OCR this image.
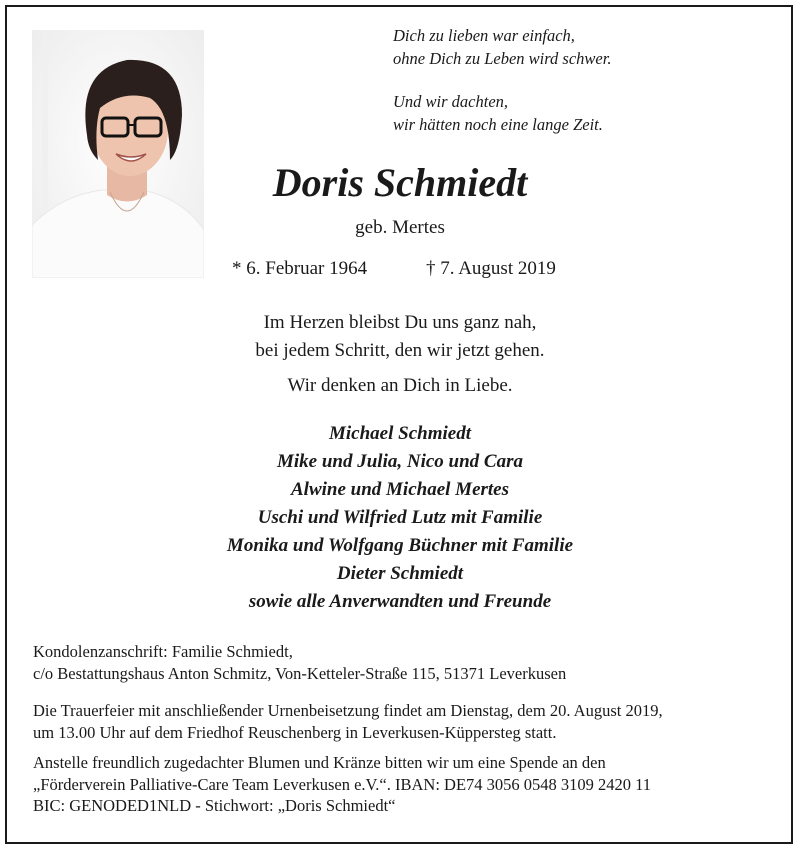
Dich zu lieben war einfach,
ohne Dich zu Leben wird schwer.
Und wir dachten,
wir hätten noch eine lange Zeit.
Doris Schmiedt
geb. Mertes
* 6. Februar 1964	† 7. August 2019
Im Herzen bleibst Du uns ganz nah,
bei jedem Schritt, den wir jetzt gehen.
Wir denken an Dich in Liebe.
Michael Schmiedt
Mike und Julia, Nico und Cara
Alwine und Michael Mertes
Uschi und Wilfried Lutz mit Familie
Monika und Wolfgang Büchner mit Familie
Dieter Schmiedt
sowie alle Anverwandten und Freunde
Kondolenzanschrift: Familie Schmiedt,
c/o Bestattungshaus Anton Schmitz, Von-Ketteler-Straße 115, 51371 Leverkusen
Die Trauerfeier mit anschließender Urnenbeisetzung findet am Dienstag, dem 20. August 2019,
um 13.00 Uhr auf dem Friedhof Reuschenberg in Leverkusen-Küppersteg statt.
Anstelle freundlich zugedachter Blumen und Kränze bitten wir um eine Spende an den
„Förderverein Palliative-Care Team Leverkusen e.V.“. IBAN: DE74 3056 0548 3109 2420 11
BIC: GENODED1NLD - Stichwort: „Doris Schmiedt“
